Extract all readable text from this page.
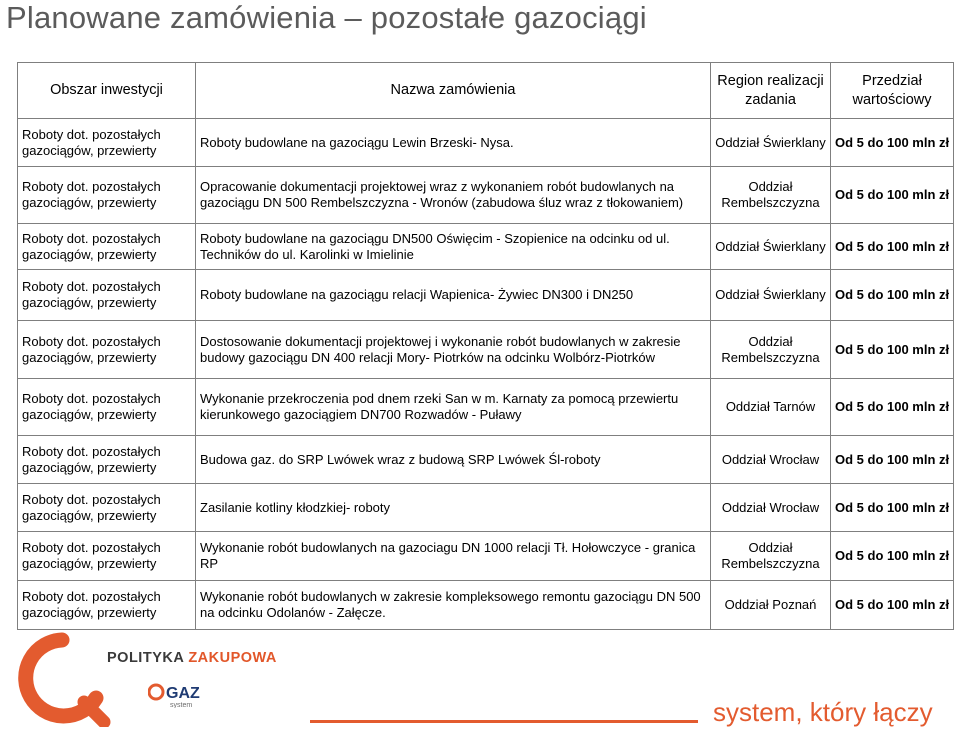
Planowane zamówienia – pozostałe gazociągi
Obszar inwestycji	Nazwa zamówienia	Region realizacji zadania	Przedział wartościowy
Roboty dot. pozostałych gazociągów, przewierty	Roboty budowlane na gazociągu Lewin Brzeski- Nysa.	Oddział Świerklany	Od 5 do 100 mln zł
Roboty dot. pozostałych gazociągów, przewierty	Opracowanie dokumentacji projektowej wraz z wykonaniem robót budowlanych na gazociągu DN 500 Rembelszczyzna - Wronów (zabudowa śluz wraz z tłokowaniem)	Oddział Rembelszczyzna	Od 5 do 100 mln zł
Roboty dot. pozostałych gazociągów, przewierty	Roboty budowlane na gazociągu DN500 Oświęcim - Szopienice na odcinku od ul. Techników do ul. Karolinki w Imielinie	Oddział Świerklany	Od 5 do 100 mln zł
Roboty dot. pozostałych gazociągów, przewierty	Roboty budowlane na gazociągu relacji Wapienica- Żywiec DN300 i DN250	Oddział Świerklany	Od 5 do 100 mln zł
Roboty dot. pozostałych gazociągów, przewierty	Dostosowanie dokumentacji projektowej i wykonanie robót budowlanych w zakresie budowy gazociągu DN 400 relacji Mory- Piotrków na odcinku Wolbórz-Piotrków	Oddział Rembelszczyzna	Od 5 do 100 mln zł
Roboty dot. pozostałych gazociągów, przewierty	Wykonanie przekroczenia pod dnem rzeki San w m. Karnaty za pomocą przewiertu kierunkowego gazociągiem DN700 Rozwadów - Puławy	Oddział Tarnów	Od 5 do 100 mln zł
Roboty dot. pozostałych gazociągów, przewierty	Budowa gaz. do SRP Lwówek wraz z budową SRP Lwówek Śl-roboty	Oddział Wrocław	Od 5 do 100 mln zł
Roboty dot. pozostałych gazociągów, przewierty	Zasilanie kotliny kłodzkiej- roboty	Oddział Wrocław	Od 5 do 100 mln zł
Roboty dot. pozostałych gazociągów, przewierty	Wykonanie robót budowlanych na gazociagu DN 1000 relacji Tł. Hołowczyce - granica RP	Oddział Rembelszczyzna	Od 5 do 100 mln zł
Roboty dot. pozostałych gazociągów, przewierty	Wykonanie robót budowlanych w zakresie kompleksowego remontu gazociągu DN 500 na odcinku Odolanów - Załęcze.	Oddział Poznań	Od 5 do 100 mln zł
POLITYKA ZAKUPOWA
GAZ
system	system, który łączy
